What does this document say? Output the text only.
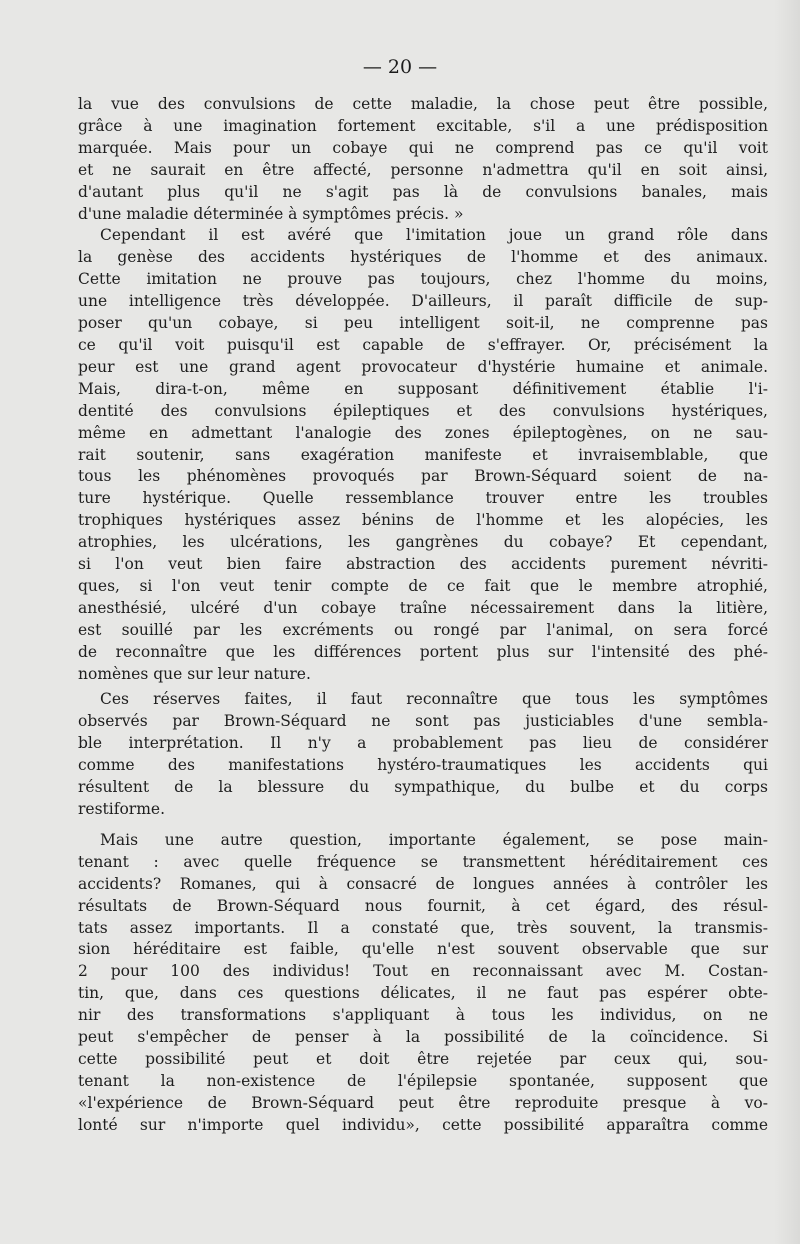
— 20 —
la vue des convulsions de cette maladie, la chose peut être possible,
grâce à une imagination fortement excitable, s'il a une prédisposition
marquée. Mais pour un cobaye qui ne comprend pas ce qu'il voit
et ne saurait en être affecté, personne n'admettra qu'il en soit ainsi,
d'autant plus qu'il ne s'agit pas là de convulsions banales, mais
d'une maladie déterminée à symptômes précis. »
Cependant il est avéré que l'imitation joue un grand rôle dans
la genèse des accidents hystériques de l'homme et des animaux.
Cette imitation ne prouve pas toujours, chez l'homme du moins,
une intelligence très développée. D'ailleurs, il paraît difficile de sup-
poser qu'un cobaye, si peu intelligent soit-il, ne comprenne pas
ce qu'il voit puisqu'il est capable de s'effrayer. Or, précisément la
peur est une grand agent provocateur d'hystérie humaine et animale.
Mais, dira-t-on, même en supposant définitivement établie l'i-
dentité des convulsions épileptiques et des convulsions hystériques,
même en admettant l'analogie des zones épileptogènes, on ne sau-
rait soutenir, sans exagération manifeste et invraisemblable, que
tous les phénomènes provoqués par Brown-Séquard soient de na-
ture hystérique. Quelle ressemblance trouver entre les troubles
trophiques hystériques assez bénins de l'homme et les alopécies, les
atrophies, les ulcérations, les gangrènes du cobaye? Et cependant,
si l'on veut bien faire abstraction des accidents purement névriti-
ques, si l'on veut tenir compte de ce fait que le membre atrophié,
anesthésié, ulcéré d'un cobaye traîne nécessairement dans la litière,
est souillé par les excréments ou rongé par l'animal, on sera forcé
de reconnaître que les différences portent plus sur l'intensité des phé-
nomènes que sur leur nature.
Ces réserves faites, il faut reconnaître que tous les symptômes
observés par Brown-Séquard ne sont pas justiciables d'une sembla-
ble interprétation. Il n'y a probablement pas lieu de considérer
comme des manifestations hystéro-traumatiques les accidents qui
résultent de la blessure du sympathique, du bulbe et du corps
restiforme.
Mais une autre question, importante également, se pose main-
tenant : avec quelle fréquence se transmettent héréditairement ces
accidents? Romanes, qui à consacré de longues années à contrôler les
résultats de Brown-Séquard nous fournit, à cet égard, des résul-
tats assez importants. Il a constaté que, très souvent, la transmis-
sion héréditaire est faible, qu'elle n'est souvent observable que sur
2 pour 100 des individus! Tout en reconnaissant avec M. Costan-
tin, que, dans ces questions délicates, il ne faut pas espérer obte-
nir des transformations s'appliquant à tous les individus, on ne
peut s'empêcher de penser à la possibilité de la coïncidence. Si
cette possibilité peut et doit être rejetée par ceux qui, sou-
tenant la non-existence de l'épilepsie spontanée, supposent que
«l'expérience de Brown-Séquard peut être reproduite presque à vo-
lonté sur n'importe quel individu», cette possibilité apparaîtra comme
